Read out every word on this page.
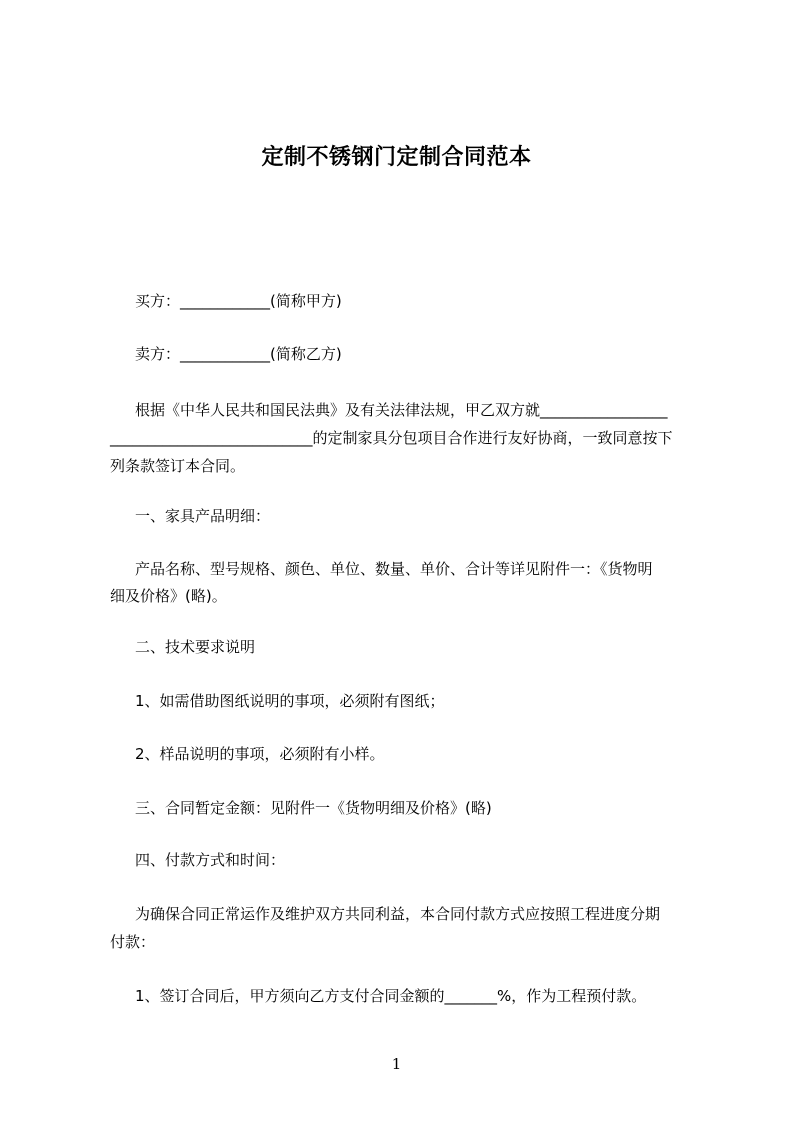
定制不锈钢门定制合同范本
买方：____________(简称甲方)
卖方：____________(简称乙方)
根据《中华人民共和国民法典》及有关法律法规，甲乙双方就_________________
___________________________的定制家具分包项目合作进行友好协商，一致同意按下
列条款签订本合同。
一、家具产品明细：
产品名称、型号规格、颜色、单位、数量、单价、合计等详见附件一：《货物明
细及价格》(略)。
二、技术要求说明
1、如需借助图纸说明的事项，必须附有图纸；
2、样品说明的事项，必须附有小样。
三、合同暂定金额：见附件一《货物明细及价格》(略)
四、付款方式和时间：
为确保合同正常运作及维护双方共同利益，本合同付款方式应按照工程进度分期
付款：
1、签订合同后，甲方须向乙方支付合同金额的_______%，作为工程预付款。
1
